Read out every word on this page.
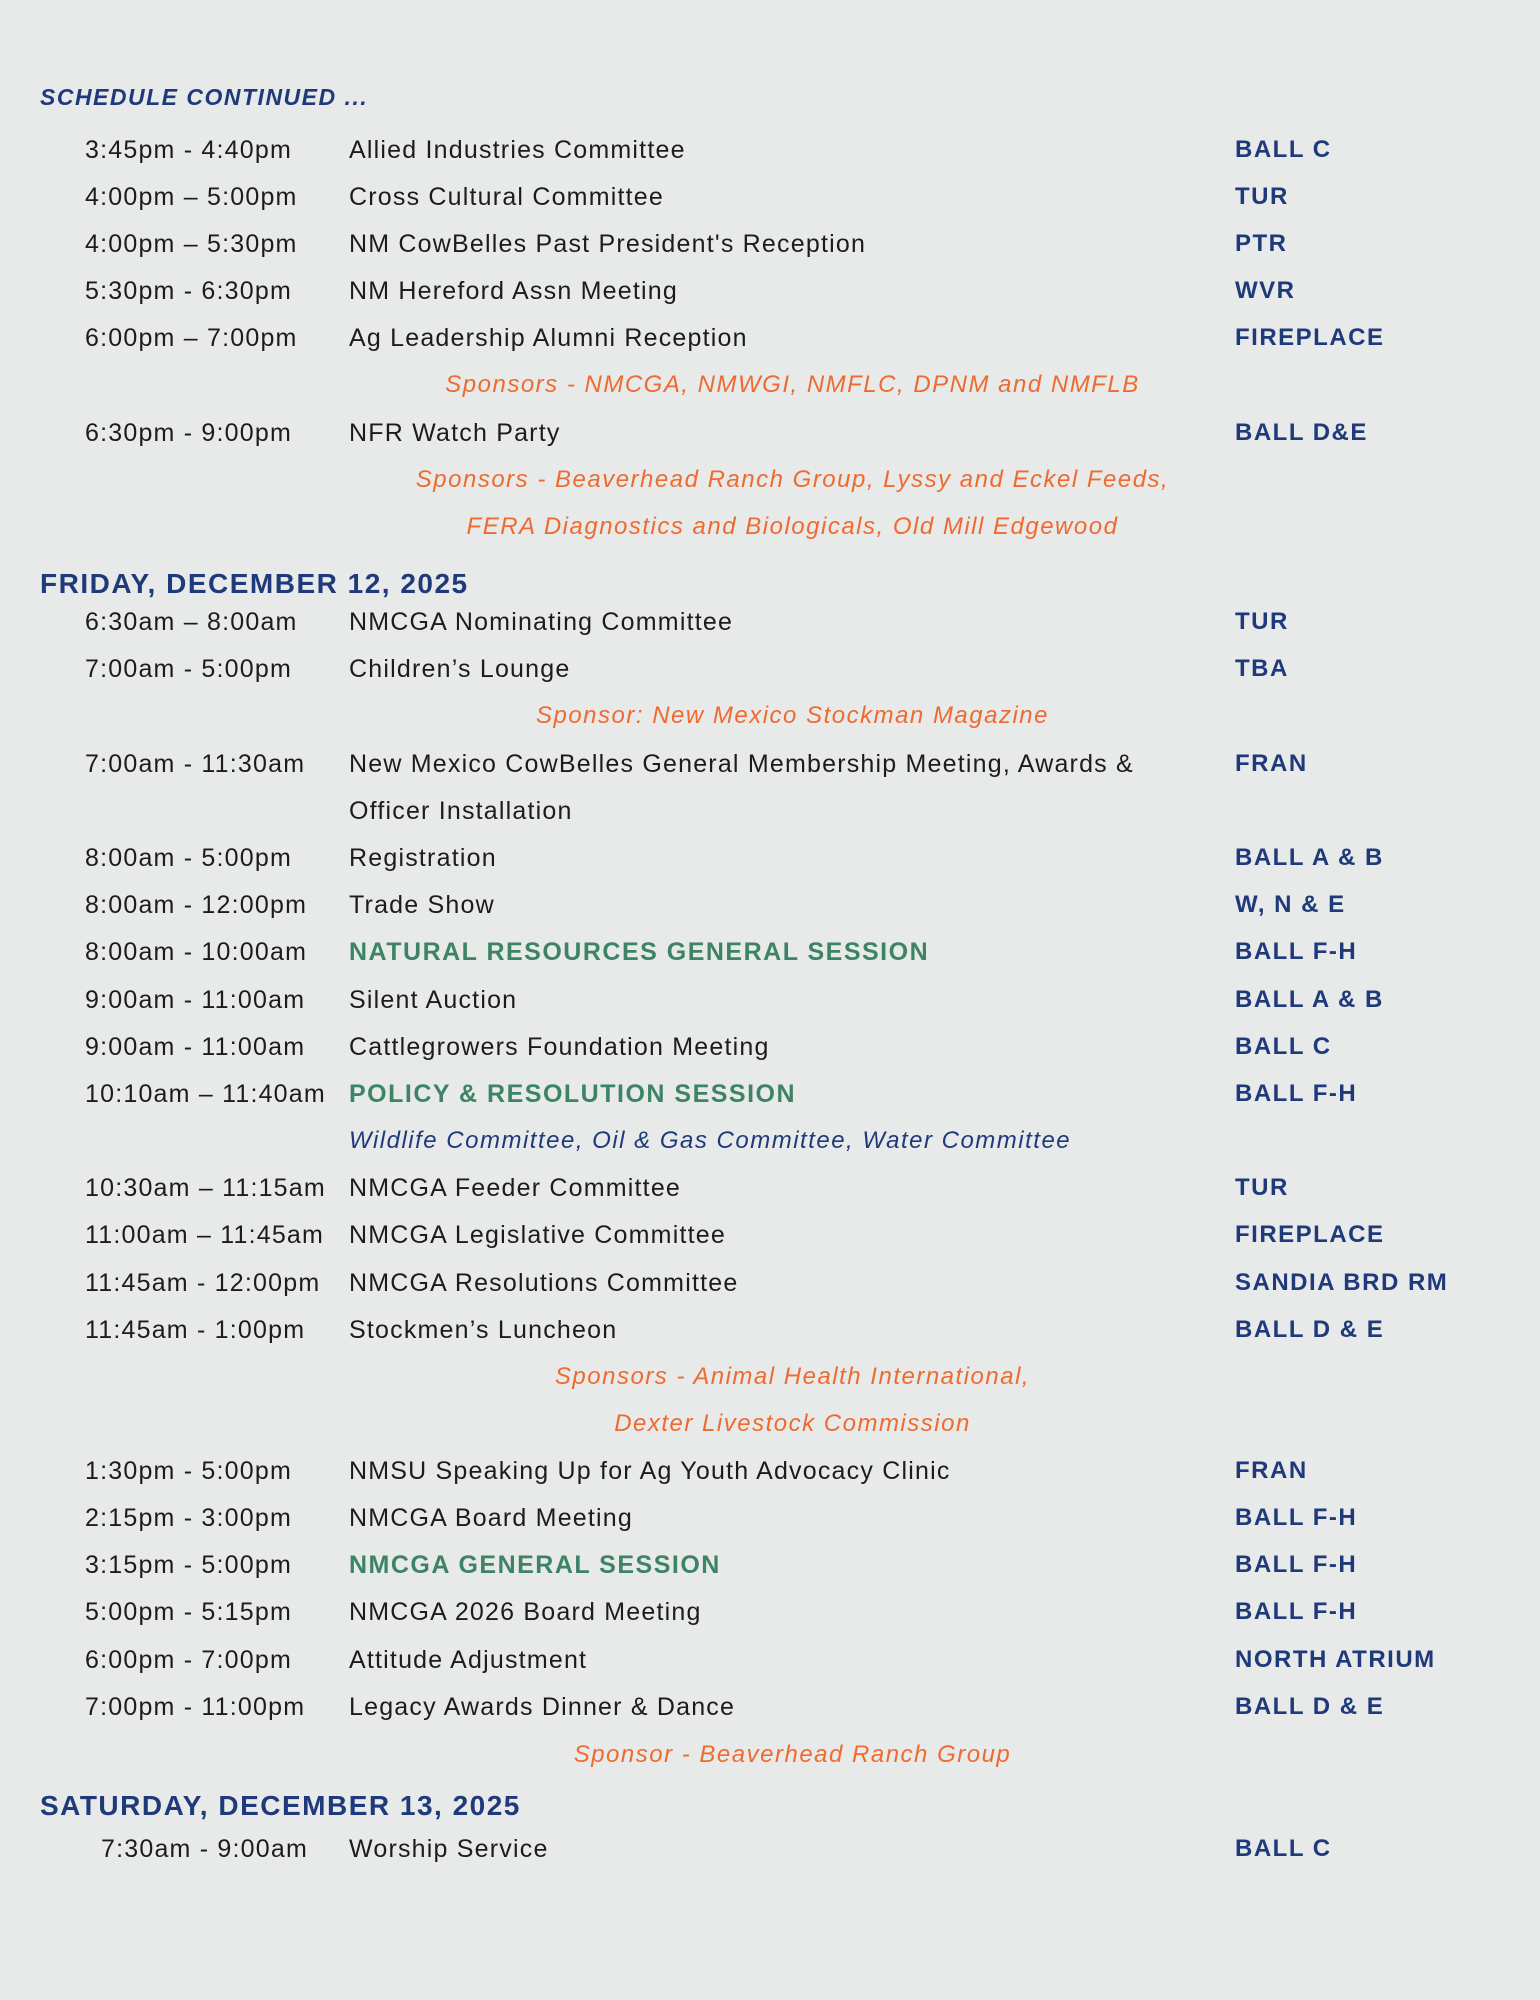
SCHEDULE CONTINUED ...
3:45pm - 4:40pm Allied Industries Committee	BALL C
4:00pm – 5:00pm Cross Cultural Committee	TUR
4:00pm – 5:30pm NM CowBelles Past President's Reception	PTR
5:30pm - 6:30pm NM Hereford Assn Meeting	WVR
6:00pm – 7:00pm Ag Leadership Alumni Reception	FIREPLACE
Sponsors - NMCGA, NMWGI, NMFLC, DPNM and NMFLB
6:30pm - 9:00pm NFR Watch Party	BALL D&E
Sponsors - Beaverhead Ranch Group, Lyssy and Eckel Feeds,
FERA Diagnostics and Biologicals, Old Mill Edgewood
FRIDAY, DECEMBER 12, 2025
6:30am – 8:00am NMCGA Nominating Committee	TUR
7:00am - 5:00pm Children’s Lounge	TBA
Sponsor: New Mexico Stockman Magazine
7:00am - 11:30am New Mexico CowBelles General Membership Meeting, Awards &	FRAN
Officer Installation
8:00am - 5:00pm Registration	BALL A & B
8:00am - 12:00pm Trade Show	W, N & E
8:00am - 10:00am NATURAL RESOURCES GENERAL SESSION	BALL F-H
9:00am - 11:00am Silent Auction	BALL A & B
9:00am - 11:00am Cattlegrowers Foundation Meeting	BALL C
10:10am – 11:40am POLICY & RESOLUTION SESSION	BALL F-H
Wildlife Committee, Oil & Gas Committee, Water Committee
10:30am – 11:15am NMCGA Feeder Committee	TUR
11:00am – 11:45am NMCGA Legislative Committee	FIREPLACE
11:45am - 12:00pm NMCGA Resolutions Committee	SANDIA BRD RM
11:45am - 1:00pm Stockmen’s Luncheon	BALL D & E
Sponsors - Animal Health International,
Dexter Livestock Commission
1:30pm - 5:00pm NMSU Speaking Up for Ag Youth Advocacy Clinic	FRAN
2:15pm - 3:00pm NMCGA Board Meeting	BALL F-H
3:15pm - 5:00pm NMCGA GENERAL SESSION	BALL F-H
5:00pm - 5:15pm NMCGA 2026 Board Meeting	BALL F-H
6:00pm - 7:00pm Attitude Adjustment	NORTH ATRIUM
7:00pm - 11:00pm Legacy Awards Dinner & Dance	BALL D & E
Sponsor - Beaverhead Ranch Group
SATURDAY, DECEMBER 13, 2025
7:30am - 9:00am Worship Service	BALL C
